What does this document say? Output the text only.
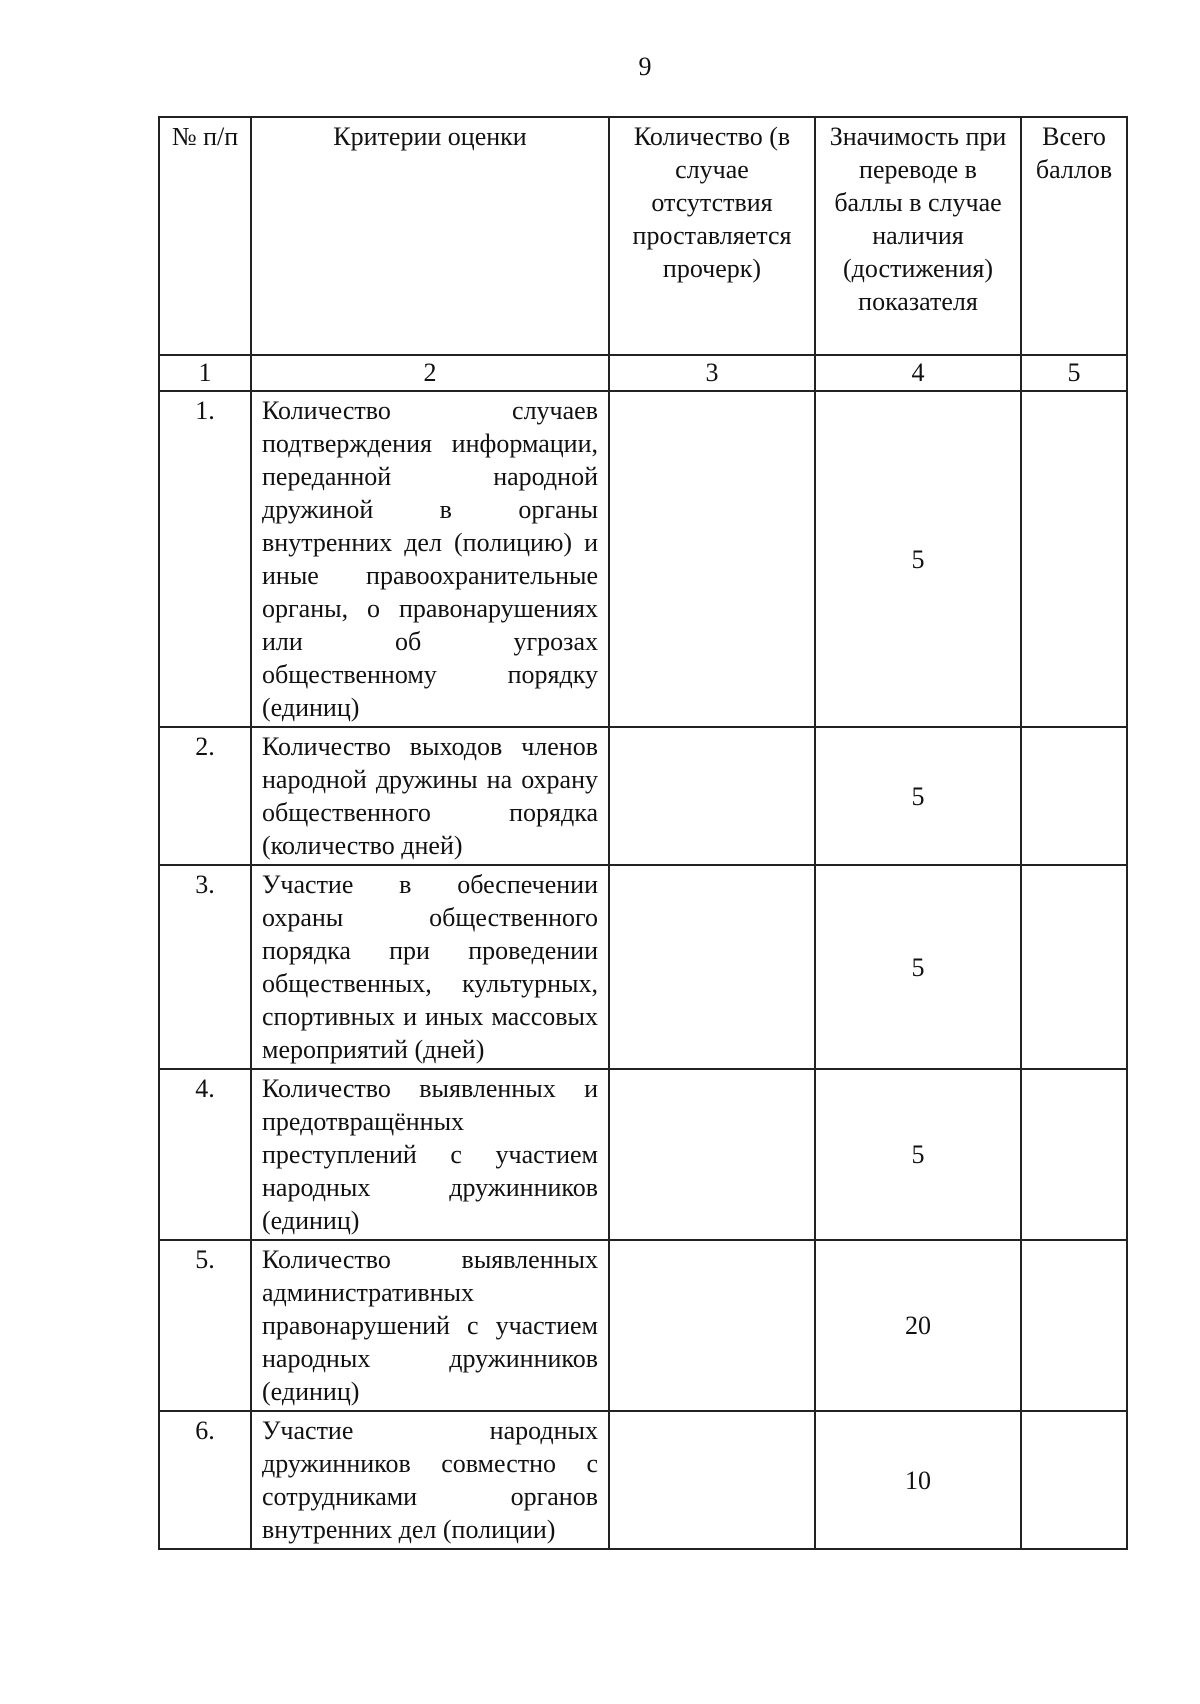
9
№ п/п	Критерии оценки	Количество (в случае отсутствия проставляется прочерк)	Значимость при переводе в баллы в случае наличия (достижения) показателя	Всего баллов
1	2	3	4	5
1.	Количество случаев подтверждения информации, переданной народной дружиной в органы внутренних дел (полицию) и иные правоохранительные органы, о правонарушениях или об угрозах общественному порядку (единиц)		5	
2.	Количество выходов членов народной дружины на охрану общественного порядка (количество дней)		5	
3.	Участие в обеспечении охраны общественного порядка при проведении общественных, культурных, спортивных и иных массовых мероприятий (дней)		5	
4.	Количество выявленных и предотвращённых преступлений с участием народных дружинников (единиц)		5	
5.	Количество выявленных административных правонарушений с участием народных дружинников (единиц)		20	
6.	Участие народных дружинников совместно с сотрудниками органов внутренних дел (полиции)		10	
